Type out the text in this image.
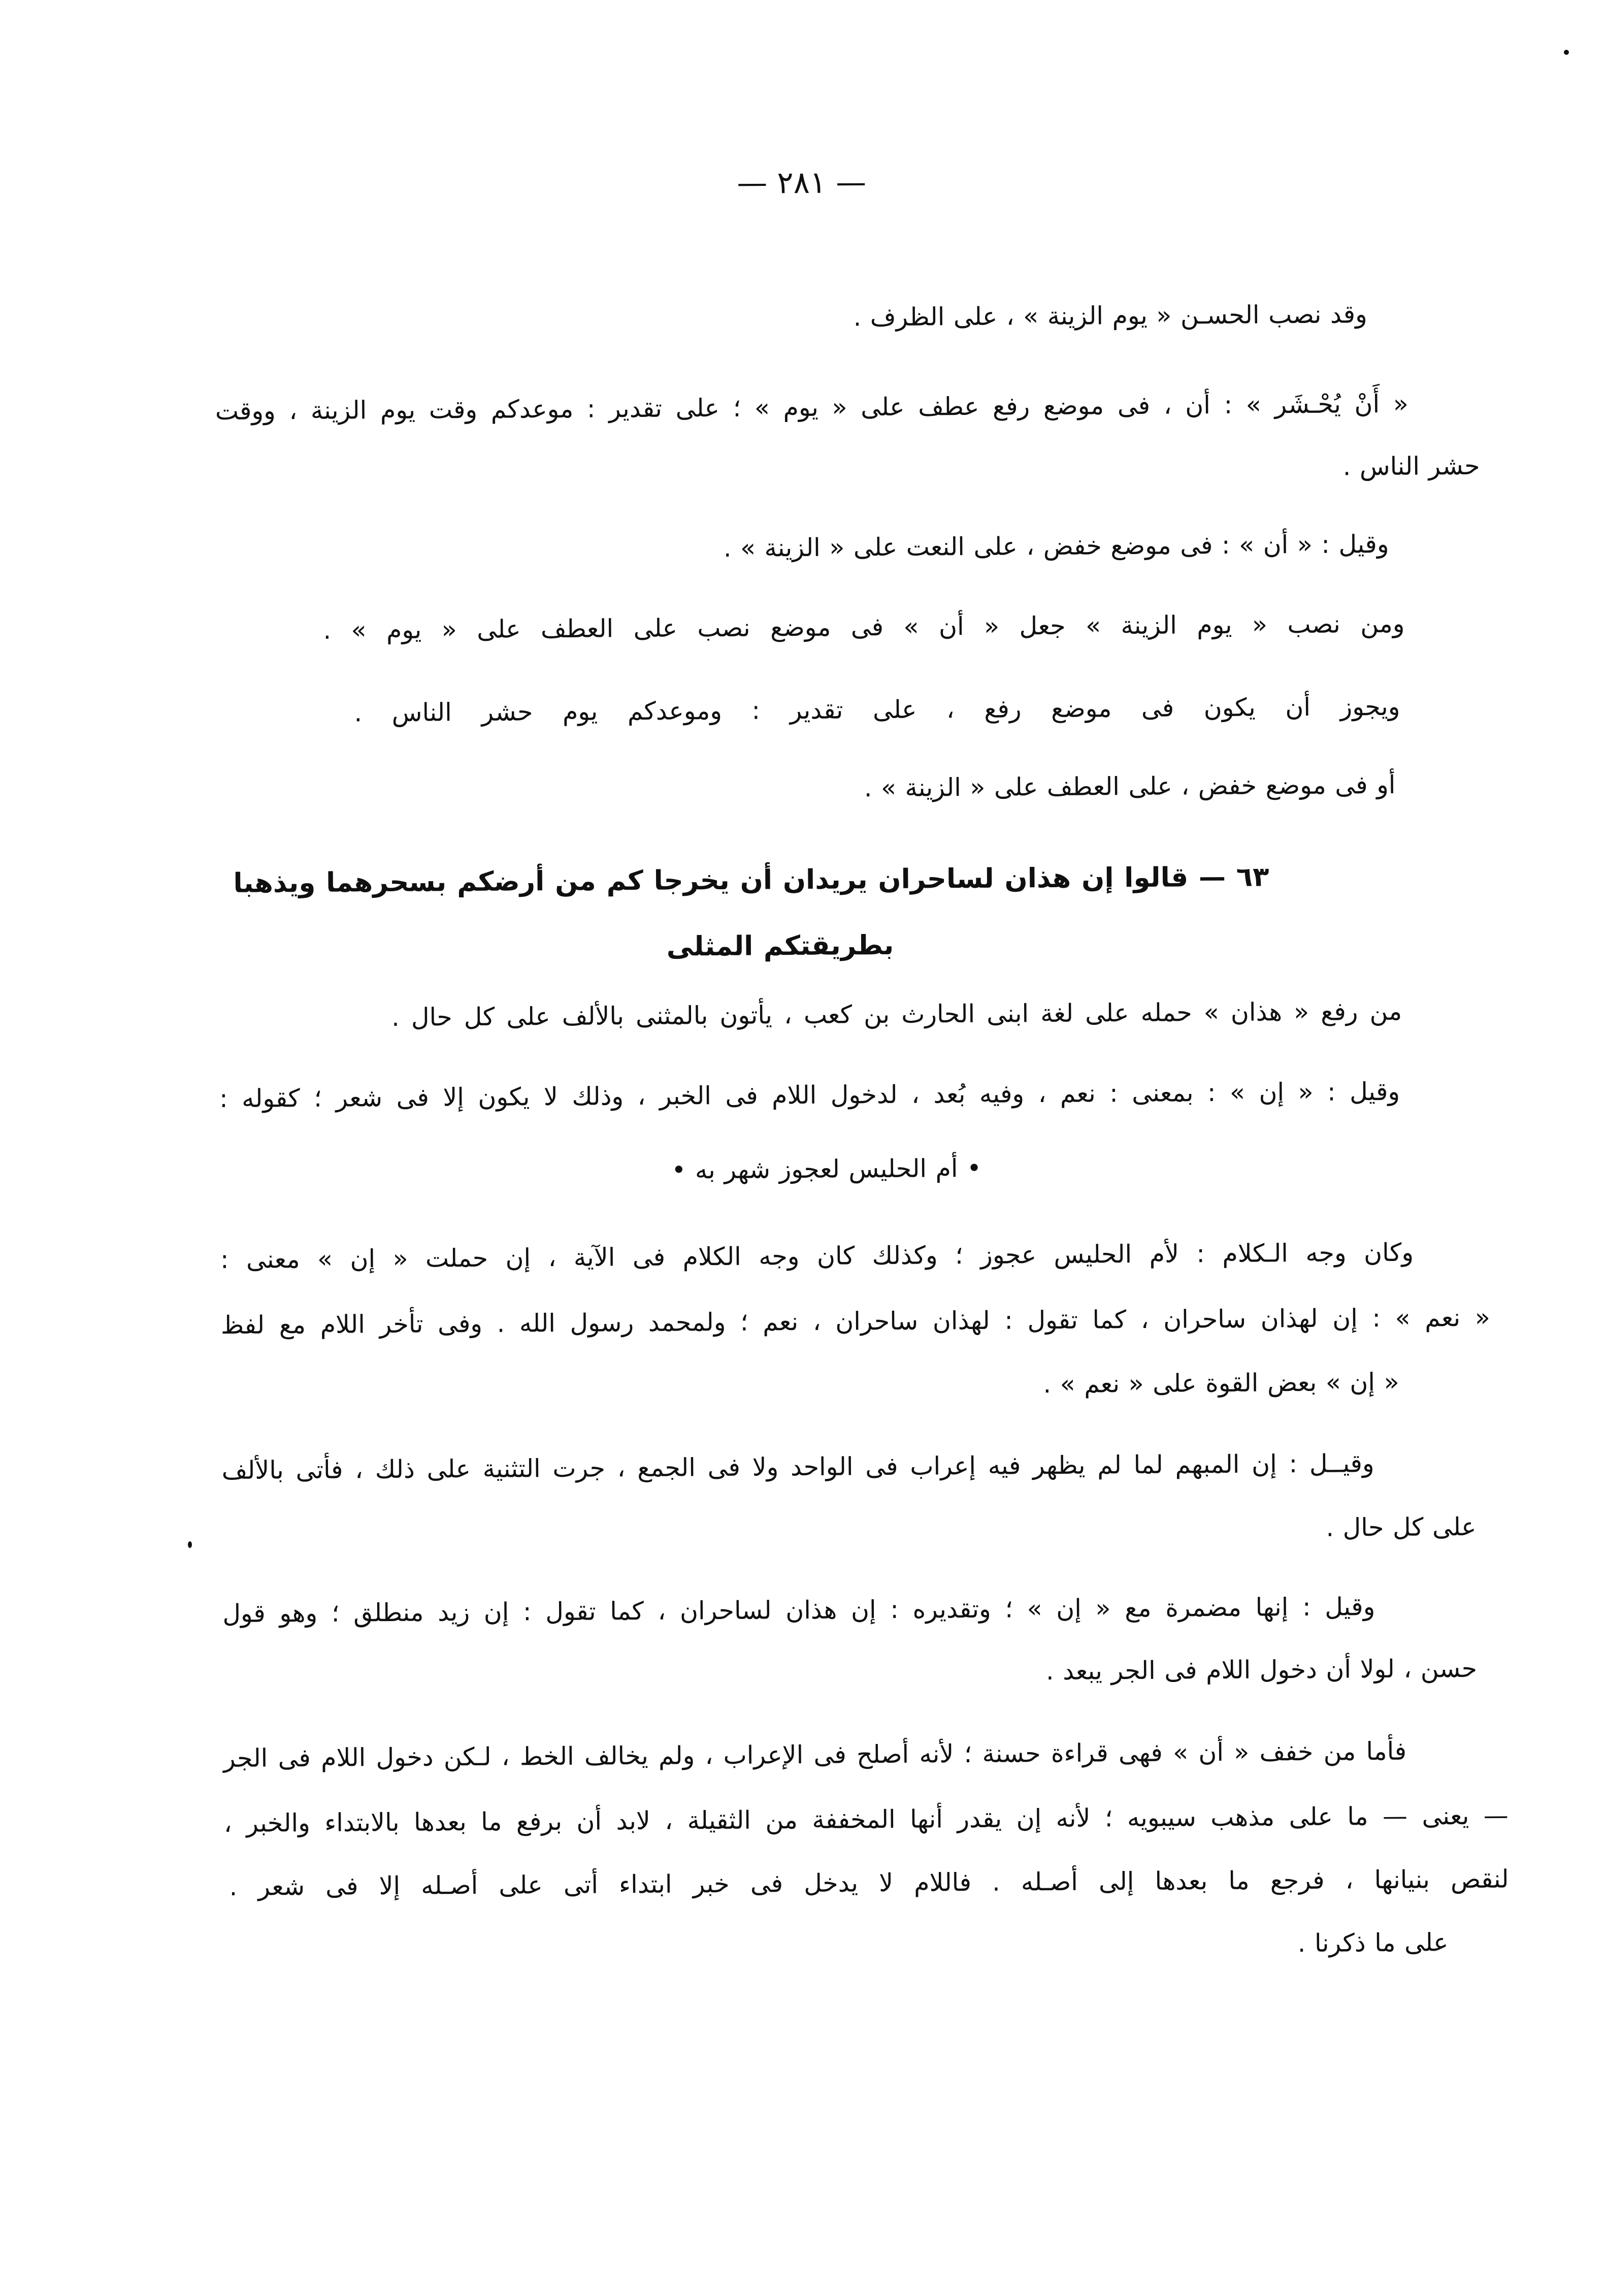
— ٢٨١ —
وقد نصب الحسـن « يوم الزينة » ، على الظرف .
« أَنْ يُحْـشَر » : أن ، فى موضع رفع عطف على « يوم » ؛ على تقدير : موعدكم وقت يوم الزينة ، ووقت
حشر الناس .
وقيل : « أن » : فى موضع خفض ، على النعت على « الزينة » .
ومن نصب « يوم الزينة » جعل « أن » فى موضع نصب على العطف على « يوم » .
ويجوز أن يكون فى موضع رفع ، على تقدير : وموعدكم يوم حشر الناس .
أو فى موضع خفض ، على العطف على « الزينة » .
٦٣ — قالوا إن هذان لساحران يريدان أن يخرجا كم من أرضكم بسحرهما ويذهبا
بطريقتكم المثلى
من رفع « هذان » حمله على لغة ابنى الحارث بن كعب ، يأتون بالمثنى بالألف على كل حال .
وقيل : « إن » : بمعنى : نعم ، وفيه بُعد ، لدخول اللام فى الخبر ، وذلك لا يكون إلا فى شعر ؛ كقوله :
• أم الحليس لعجوز شهر به •
وكان وجه الـكلام : لأم الحليس عجوز ؛ وكذلك كان وجه الكلام فى الآية ، إن حملت « إن » معنى :
« نعم » : إن لهذان ساحران ، كما تقول : لهذان ساحران ، نعم ؛ ولمحمد رسول الله . وفى تأخر اللام مع لفظ
« إن » بعض القوة على « نعم » .
وقيــل : إن المبهم لما لم يظهر فيه إعراب فى الواحد ولا فى الجمع ، جرت التثنية على ذلك ، فأتى بالألف
على كل حال .
وقيل : إنها مضمرة مع « إن » ؛ وتقديره : إن هذان لساحران ، كما تقول : إن زيد منطلق ؛ وهو قول
حسن ، لولا أن دخول اللام فى الجر يبعد .
فأما من خفف « أن » فهى قراءة حسنة ؛ لأنه أصلح فى الإعراب ، ولم يخالف الخط ، لـكن دخول اللام فى الجر
— يعنى — ما على مذهب سيبويه ؛ لأنه إن يقدر أنها المخففة من الثقيلة ، لابد أن برفع ما بعدها بالابتداء والخبر ،
لنقص بنيانها ، فرجع ما بعدها إلى أصـله . فاللام لا يدخل فى خبر ابتداء أتى على أصـله إلا فى شعر .
على ما ذكرنا .
